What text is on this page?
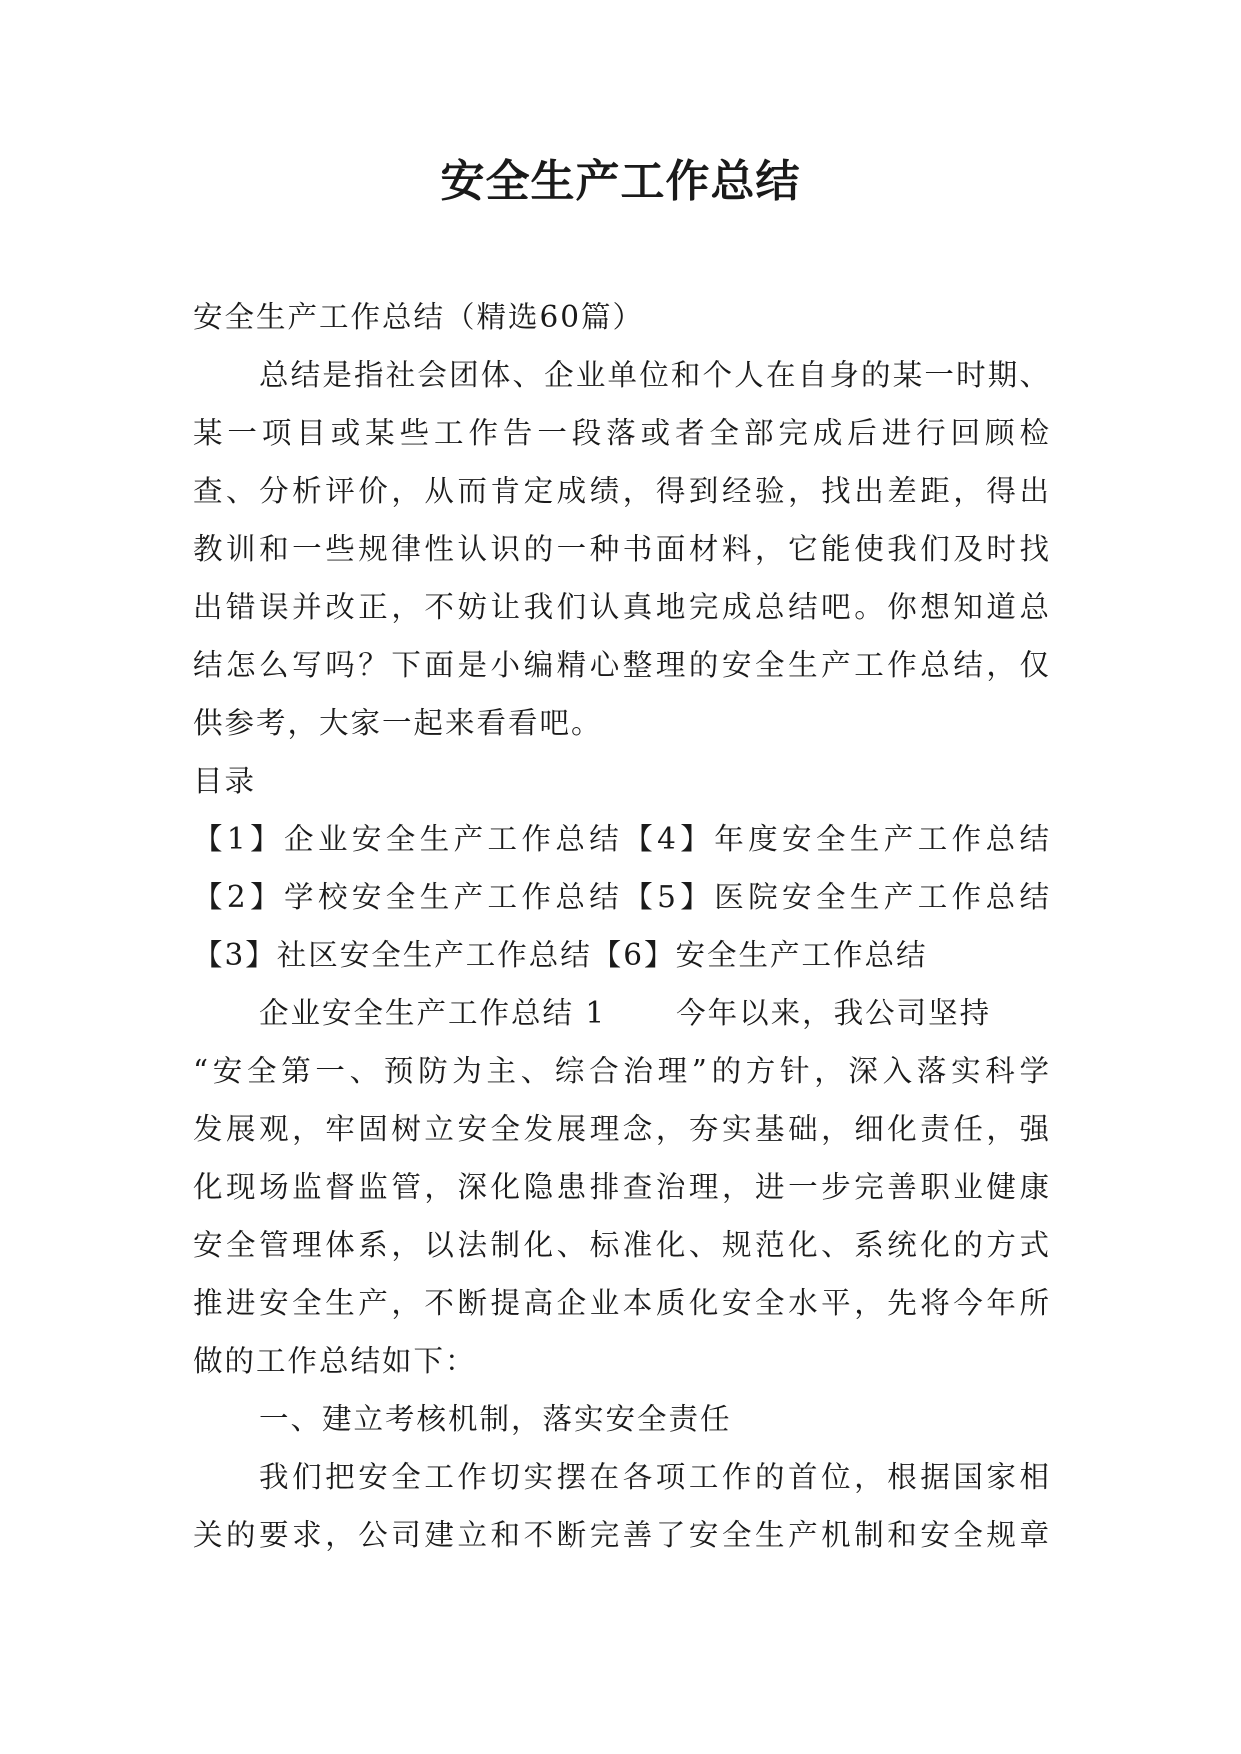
安全生产工作总结
安全生产工作总结（精选60篇）
总结是指社会团体、企业单位和个人在自身的某一时期、
某一项目或某些工作告一段落或者全部完成后进行回顾检
查、分析评价，从而肯定成绩，得到经验，找出差距，得出
教训和一些规律性认识的一种书面材料，它能使我们及时找
出错误并改正，不妨让我们认真地完成总结吧。你想知道总
结怎么写吗？下面是小编精心整理的安全生产工作总结，仅
供参考，大家一起来看看吧。
目录
【1】企业安全生产工作总结【4】年度安全生产工作总结
【2】学校安全生产工作总结【5】医院安全生产工作总结
【3】社区安全生产工作总结【6】安全生产工作总结
企业安全生产工作总结 1 今年以来，我公司坚持
“安全第一、预防为主、综合治理”的方针，深入落实科学
发展观，牢固树立安全发展理念，夯实基础，细化责任，强
化现场监督监管，深化隐患排查治理，进一步完善职业健康
安全管理体系，以法制化、标准化、规范化、系统化的方式
推进安全生产，不断提高企业本质化安全水平，先将今年所
做的工作总结如下：
一、建立考核机制，落实安全责任
我们把安全工作切实摆在各项工作的首位，根据国家相
关的要求，公司建立和不断完善了安全生产机制和安全规章
